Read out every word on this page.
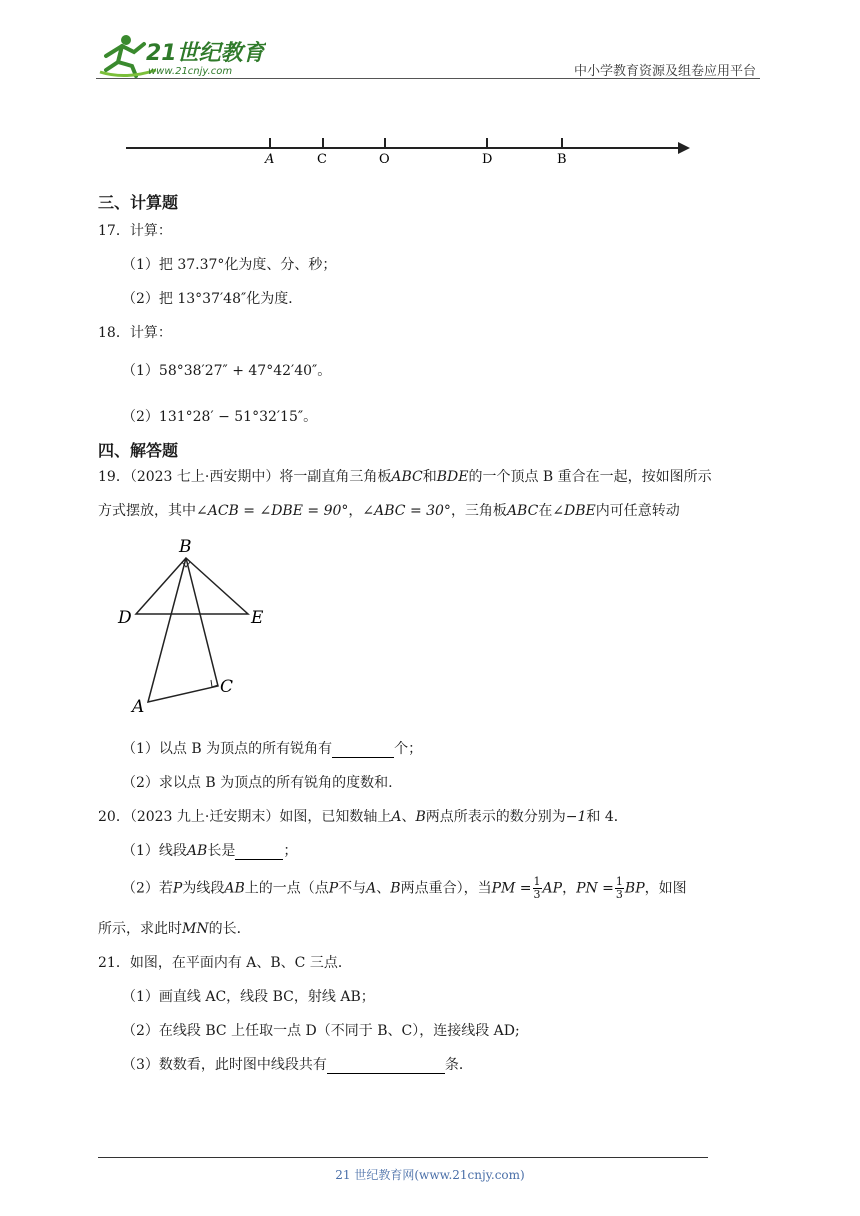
21世纪教育
www.21cnjy.com	中小学教育资源及组卷应用平台
A	C	O	D	B
三、计算题
17．计算：
（1）把 37.37°化为度、分、秒；
（2）把 13°37′48″化为度．
18．计算：
（1）58°38′27″ + 47°42′40″。
（2）131°28′ − 51°32′15″。
四、解答题
19．（2023 七上·西安期中）将一副直角三角板ABC和BDE的一个顶点 B 重合在一起，按如图所示
方式摆放，其中∠ACB = ∠DBE = 90°，∠ABC = 30°，三角板ABC在∠DBE内可任意转动
B
D	E
A
C
（1）以点 B 为顶点的所有锐角有	个；
（2）求以点 B 为顶点的所有锐角的度数和.
20．（2023 九上·迁安期末）如图，已知数轴上A、B两点所表示的数分别为−1和 4．
（1）线段AB长是	；
（2）若P为线段AB上的一点（点P不与A、B两点重合），当PM = $\frac{1}{3}$ AP，PN = $\frac{1}{3}$ BP，如图
所示，求此时MN的长．
21．如图，在平面内有 A、B、C 三点．
（1）画直线 AC，线段 BC，射线 AB；
（2）在线段 BC 上任取一点 D（不同于 B、C），连接线段 AD;
（3）数数看，此时图中线段共有	条．
21 世纪教育网(www.21cnjy.com)
